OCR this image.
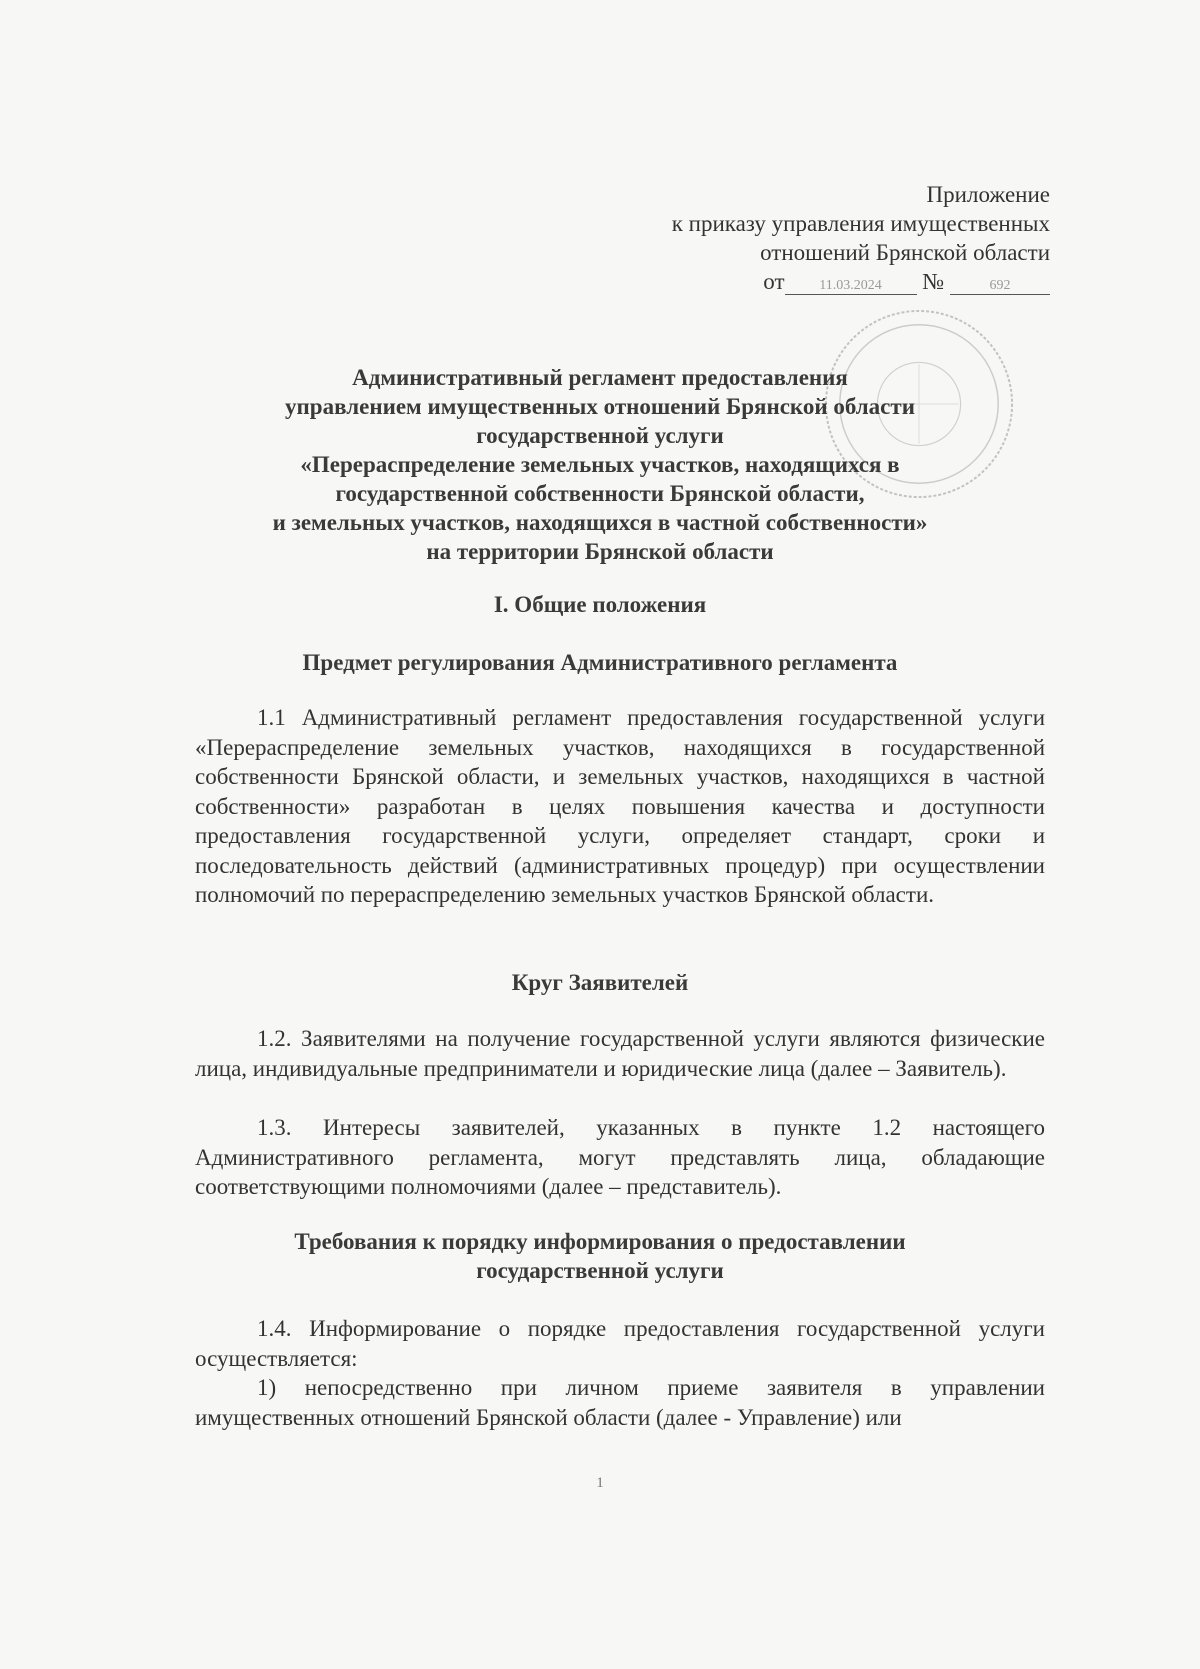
Приложение
к приказу управления имущественных
отношений Брянской области
от 11.03.2024 №	692
Административный регламент предоставления
управлением имущественных отношений Брянской области
государственной услуги
«Перераспределение земельных участков, находящихся в
государственной собственности Брянской области,
и земельных участков, находящихся в частной собственности»
на территории Брянской области
I. Общие положения
Предмет регулирования Административного регламента

1.1 Административный регламент предоставления государственной услуги «Перераспределение земельных участков, находящихся в государственной собственности Брянской области, и земельных участков, находящихся в частной собственности» разработан в целях повышения качества и доступности предоставления государственной услуги, определяет стандарт, сроки и последовательность действий (административных процедур) при осуществлении полномочий по перераспределению земельных участков Брянской области.

Круг Заявителей

1.2. Заявителями на получение государственной услуги являются физические лица, индивидуальные предприниматели и юридические лица (далее – Заявитель).

1.3. Интересы заявителей, указанных в пункте 1.2 настоящего Административного регламента, могут представлять лица, обладающие соответствующими полномочиями (далее – представитель).

Требования к порядку информирования о предоставлении
государственной услуги

1.4. Информирование о порядке предоставления государственной услуги осуществляется:

1) непосредственно при личном приеме заявителя в управлении имущественных отношений Брянской области (далее - Управление) или

1
